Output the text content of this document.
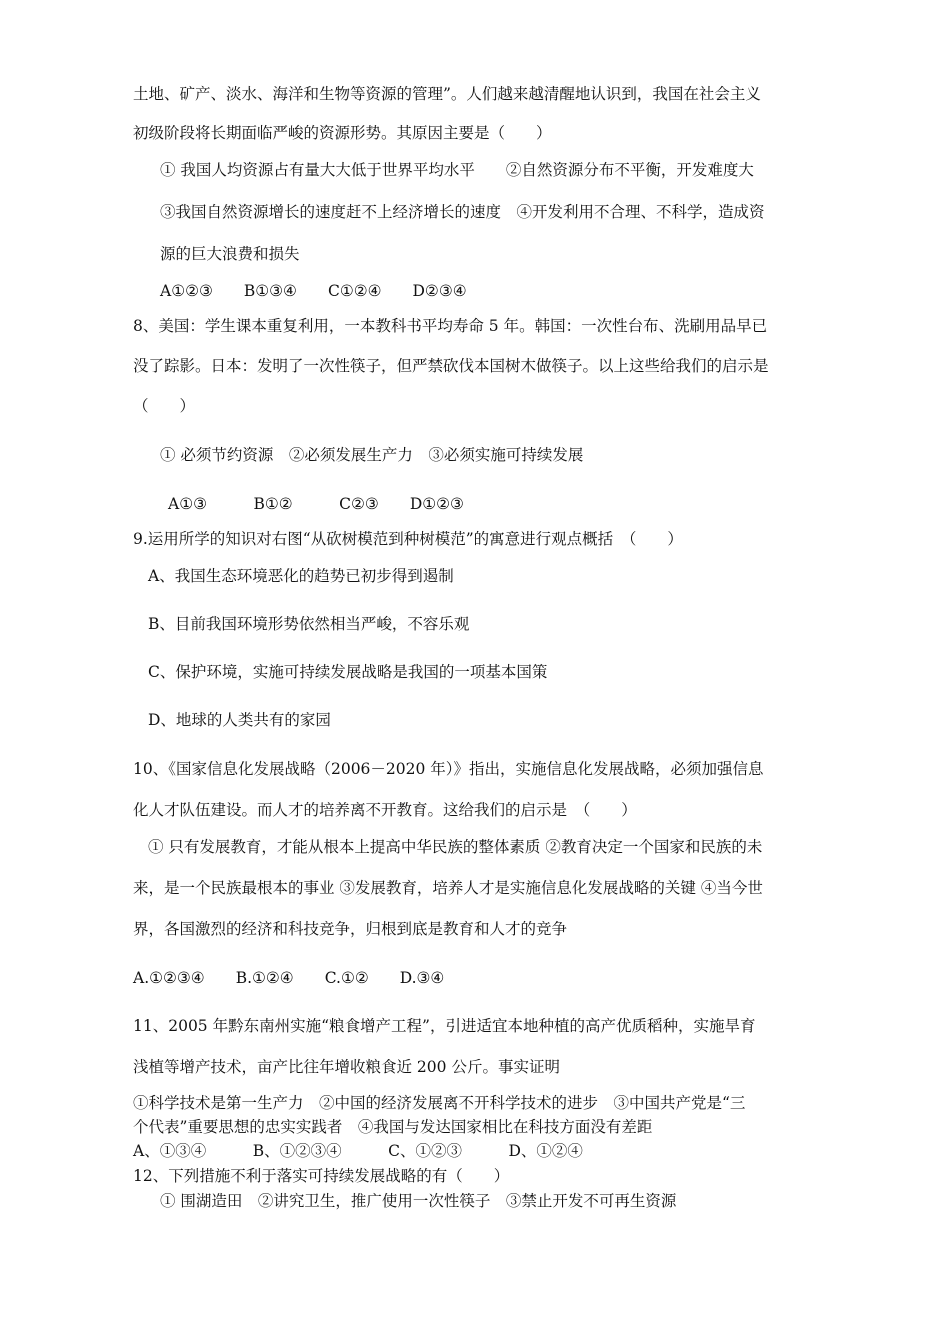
土地、矿产、淡水、海洋和生物等资源的管理”。人们越来越清醒地认识到，我国在社会主义
初级阶段将长期面临严峻的资源形势。其原因主要是（　　）
① 我国人均资源占有量大大低于世界平均水平　　②自然资源分布不平衡，开发难度大
③我国自然资源增长的速度赶不上经济增长的速度　④开发利用不合理、不科学，造成资
源的巨大浪费和损失
A①②③　　B①③④　　C①②④　　D②③④
8、美国：学生课本重复利用，一本教科书平均寿命 5 年。韩国：一次性台布、洗刷用品早已
没了踪影。日本：发明了一次性筷子，但严禁砍伐本国树木做筷子。以上这些给我们的启示是
（　　）
① 必须节约资源　②必须发展生产力　③必须实施可持续发展
A①③　　　B①②　　　C②③　　D①②③
9.运用所学的知识对右图“从砍树模范到种树模范”的寓意进行观点概括　（　　）
A、我国生态环境恶化的趋势已初步得到遏制
B、目前我国环境形势依然相当严峻，不容乐观
C、保护环境，实施可持续发展战略是我国的一项基本国策
D、地球的人类共有的家园
10、《国家信息化发展战略（2006－2020 年）》指出，实施信息化发展战略，必须加强信息
化人才队伍建设。而人才的培养离不开教育。这给我们的启示是　（　　）
① 只有发展教育，才能从根本上提高中华民族的整体素质 ②教育决定一个国家和民族的未
来，是一个民族最根本的事业 ③发展教育，培养人才是实施信息化发展战略的关键 ④当今世
界，各国激烈的经济和科技竞争，归根到底是教育和人才的竞争
A.①②③④　　B.①②④　　C.①②　　D.③④
11、2005 年黔东南州实施“粮食增产工程”，引进适宜本地种植的高产优质稻种，实施旱育
浅植等增产技术，亩产比往年增收粮食近 200 公斤。事实证明
①科学技术是第一生产力　②中国的经济发展离不开科学技术的进步　③中国共产党是“三
个代表”重要思想的忠实实践者　④我国与发达国家相比在科技方面没有差距
A、①③④　　　B、①②③④　　　C、①②③　　　D、①②④
12、下列措施不利于落实可持续发展战略的有（　　）
① 围湖造田　②讲究卫生，推广使用一次性筷子　③禁止开发不可再生资源
